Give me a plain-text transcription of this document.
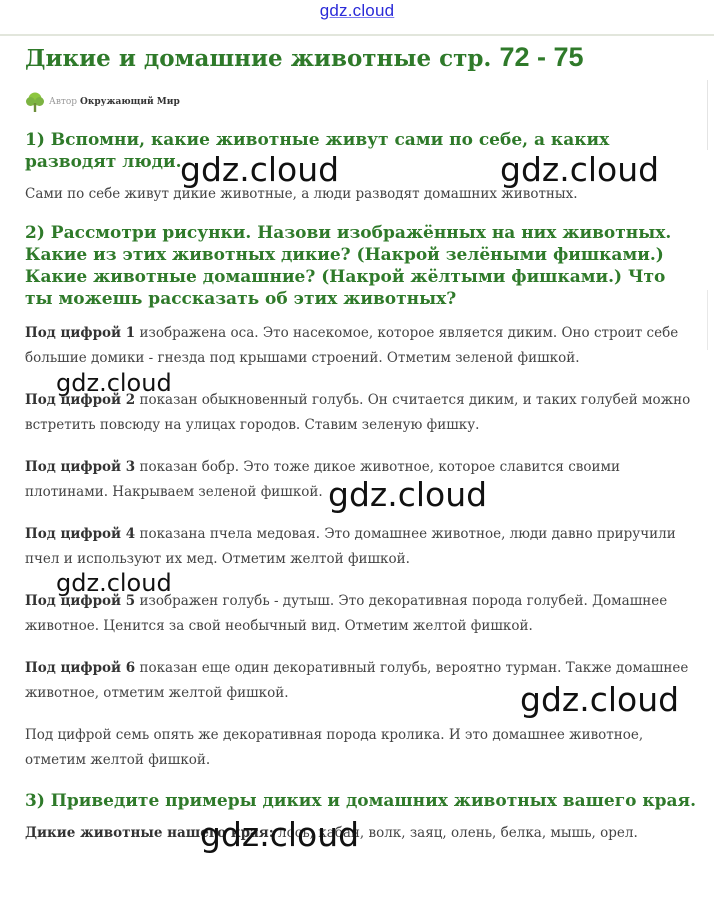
gdz.cloud
Дикие и домашние животные стр. 72 - 75
Автор Окружающий Мир
1) Вспомни, какие животные живут сами по себе, а каких разводят люди.

Сами по себе живут дикие животные, а люди разводят домашних животных.

2) Рассмотри рисунки. Назови изображённых на них животных. Какие из этих животных дикие? (Накрой зелёными фишками.) Какие животные домашние? (Накрой жёлтыми фишками.) Что ты можешь рассказать об этих животных?

Под цифрой 1 изображена оса. Это насекомое, которое является диким. Оно строит себе большие домики - гнезда под крышами строений. Отметим зеленой фишкой.

Под цифрой 2 показан обыкновенный голубь. Он считается диким, и таких голубей можно встретить повсюду на улицах городов. Ставим зеленую фишку.

Под цифрой 3 показан бобр. Это тоже дикое животное, которое славится своими плотинами. Накрываем зеленой фишкой.

Под цифрой 4 показана пчела медовая. Это домашнее животное, люди давно приручили пчел и используют их мед. Отметим желтой фишкой.

Под цифрой 5 изображен голубь - дутыш. Это декоративная порода голубей. Домашнее животное. Ценится за свой необычный вид. Отметим желтой фишкой.

Под цифрой 6 показан еще один декоративный голубь, вероятно турман. Также домашнее животное, отметим желтой фишкой.

Под цифрой семь опять же декоративная порода кролика. И это домашнее животное, отметим желтой фишкой.

3) Приведите примеры диких и домашних животных вашего края.

Дикие животные нашего края: лось, кабан, волк, заяц, олень, белка, мышь, орел.

gdz.cloud	gdz.cloud
gdz.cloud
gdz.cloud
gdz.cloud
gdz.cloud
gdz.cloud
